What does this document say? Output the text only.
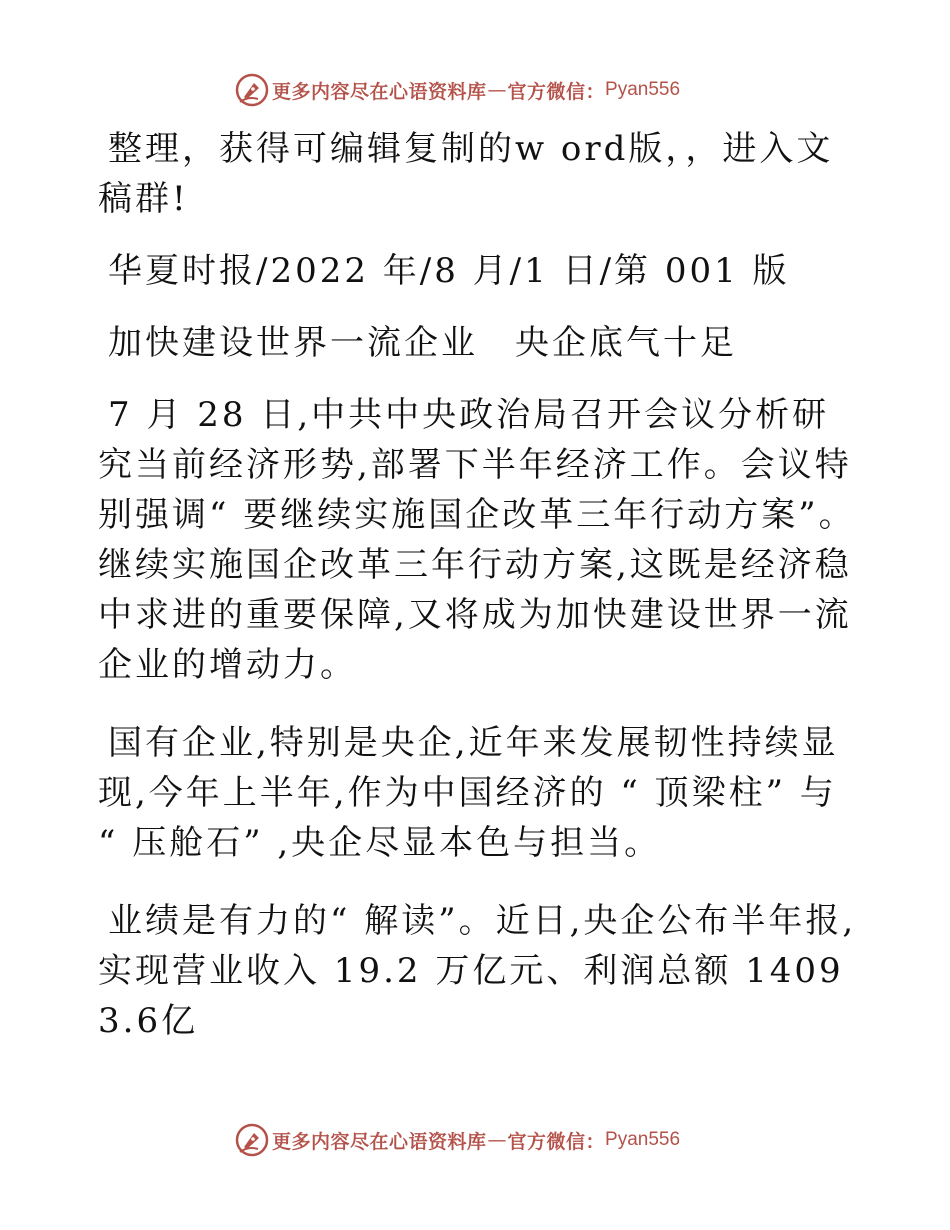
更多内容尽在心语资料库 — 官方微信： Pyan556

整理，获得可编辑复制的w ord版，，进入文稿群!

华夏时报/2022 年/8 月/1 日/第 001 版

加快建设世界一流企业　央企底气十足

7 月 28 日,中共中央政治局召开会议分析研究当前经济形势,部署下半年经济工作。会议特别强调“ 要继续实施国企改革三年行动方案”。继续实施国企改革三年行动方案,这既是经济稳中求进的重要保障,又将成为加快建设世界一流企业的增动力。

国有企业,特别是央企,近年来发展韧性持续显现,今年上半年,作为中国经济的 “ 顶梁柱” 与 “ 压舱石” ,央企尽显本色与担当。

业绩是有力的“ 解读”。近日,央企公布半年报,实现营业收入 19.2 万亿元、利润总额 14093.6亿

更多内容尽在心语资料库 — 官方微信： Pyan556
